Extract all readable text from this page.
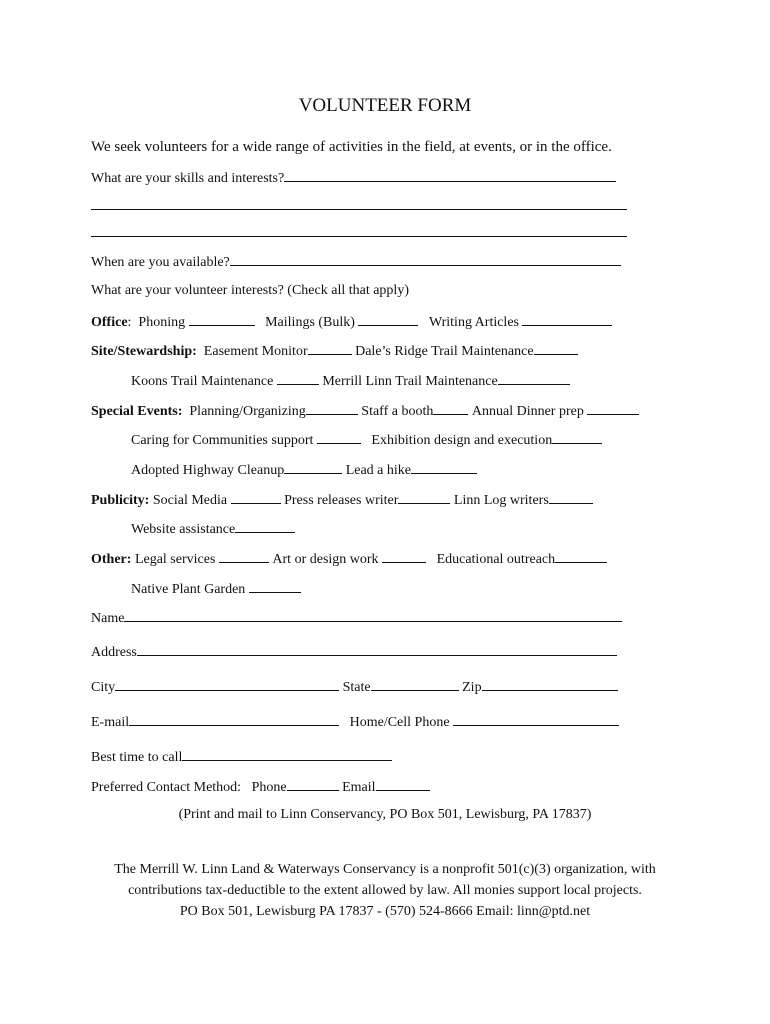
VOLUNTEER FORM
We seek volunteers for a wide range of activities in the field, at events, or in the office.
What are your skills and interests?
When are you available?
What are your volunteer interests? (Check all that apply)
Office:  Phoning	Mailings (Bulk)	Writing Articles
Site/Stewardship: Easement Monitor	Dale’s Ridge Trail Maintenance
Koons Trail Maintenance	Merrill Linn Trail Maintenance
Special Events: Planning/Organizing	Staff a booth	Annual Dinner prep
Caring for Communities support	Exhibition design and execution
Adopted Highway Cleanup	Lead a hike
Publicity: Social Media	Press releases writer	Linn Log writers
Website assistance
Other: Legal services	Art or design work	Educational outreach
Native Plant Garden
Name
Address
City	State	Zip
E-mail	Home/Cell Phone
Best time to call
Preferred Contact Method: Phone	Email
(Print and mail to Linn Conservancy, PO Box 501, Lewisburg, PA 17837)
The Merrill W. Linn Land & Waterways Conservancy is a nonprofit 501(c)(3) organization, with
contributions tax-deductible to the extent allowed by law. All monies support local projects.
PO Box 501, Lewisburg PA 17837 - (570) 524-8666 Email: linn@ptd.net
